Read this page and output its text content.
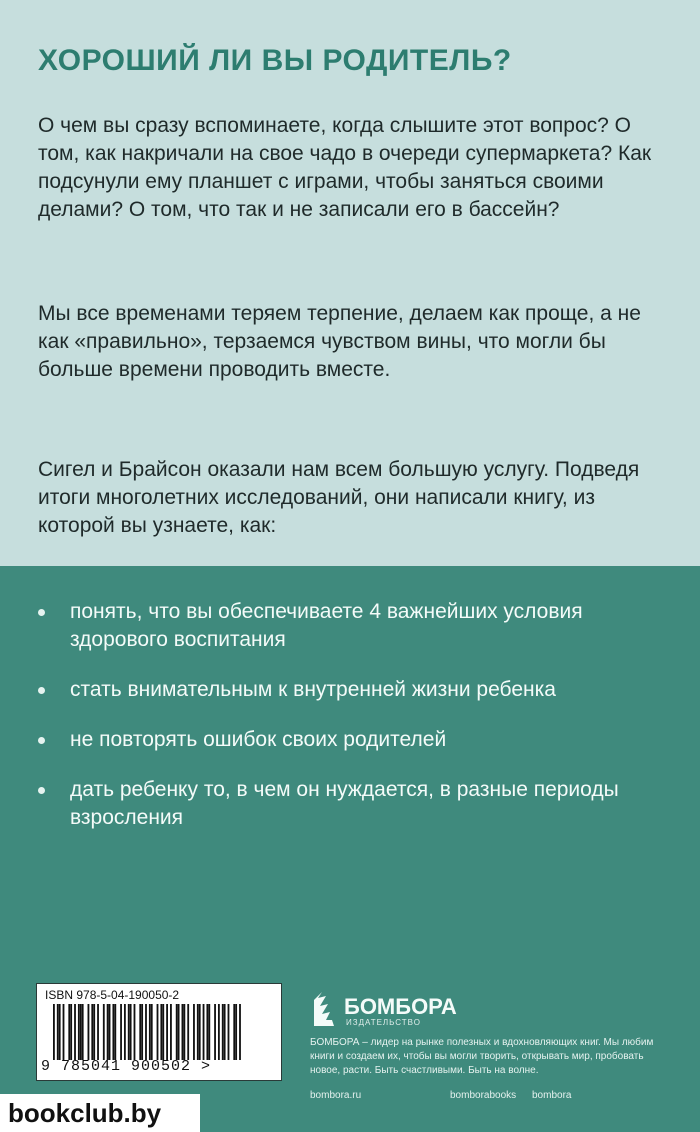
ХОРОШИЙ ЛИ ВЫ РОДИТЕЛЬ?

О чем вы сразу вспоминаете, когда слышите этот вопрос? О том, как накричали на свое чадо в очереди супермаркета? Как подсунули ему планшет с играми, чтобы заняться своими делами? О том, что так и не записали его в бассейн?

Мы все временами теряем терпение, делаем как проще, а не как «правильно», терзаемся чувством вины, что могли бы больше времени проводить вместе.

Сигел и Брайсон оказали нам всем большую услугу. Подведя итоги многолетних исследований, они написали книгу, из которой вы узнаете, как:

понять, что вы обеспечиваете 4 важнейших условия здорового воспитания
стать внимательным к внутренней жизни ребенка
не повторять ошибок своих родителей
дать ребенку то, в чем он нуждается, в разные периоды взросления
ISBN 978-5-04-190050-2
9 785041 900502 >
БОМБОРА
ИЗДАТЕЛЬСТВО

БОМБОРА – лидер на рынке полезных и вдохновляющих книг. Мы любим книги и создаем их, чтобы вы могли творить, открывать мир, пробовать новое, расти. Быть счастливыми. Быть на волне.

bombora.ru	bomborabooks bombora
bookclub.by
